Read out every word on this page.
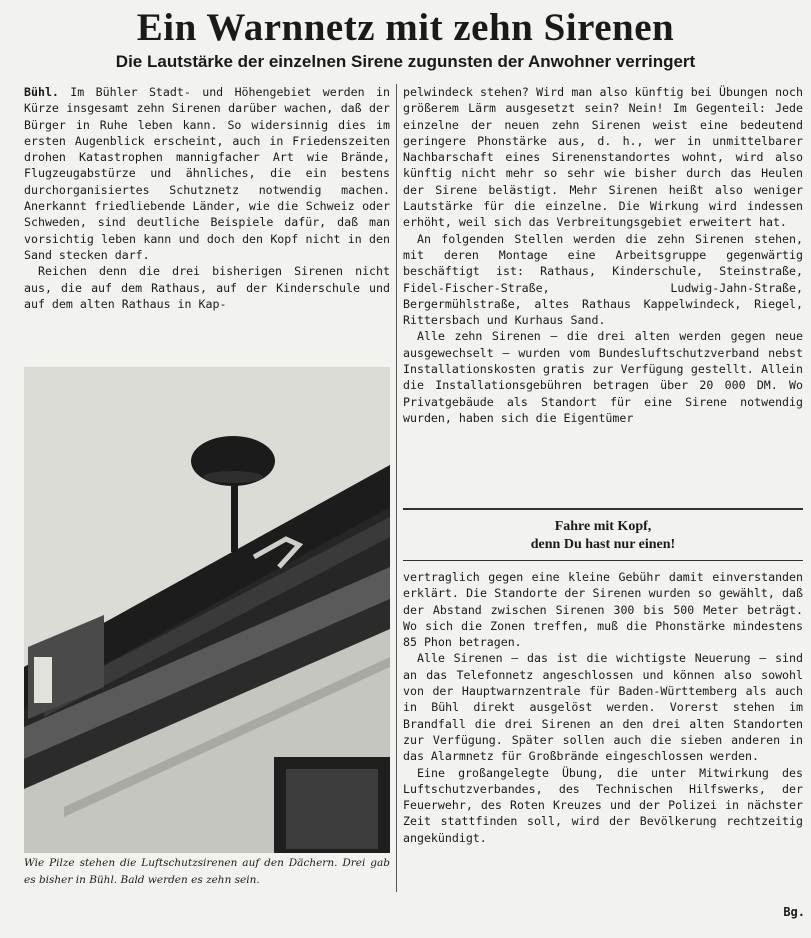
Ein Warnnetz mit zehn Sirenen
Die Lautstärke der einzelnen Sirene zugunsten der Anwohner verringert

Bühl. Im Bühler Stadt- und Höhengebiet werden in Kürze insgesamt zehn Sirenen darüber wachen, daß der Bürger in Ruhe leben kann. So widersinnig dies im ersten Augenblick erscheint, auch in Friedenszeiten drohen Katastrophen mannigfacher Art wie Brände, Flugzeugabstürze und ähnliches, die ein bestens durchorganisiertes Schutznetz notwendig machen. Anerkannt friedliebende Länder, wie die Schweiz oder Schweden, sind deutliche Beispiele dafür, daß man vorsichtig leben kann und doch den Kopf nicht in den Sand stecken darf.

Reichen denn die drei bisherigen Sirenen nicht aus, die auf dem Rathaus, auf der Kinderschule und auf dem alten Rathaus in Kap-

pelwindeck stehen? Wird man also künftig bei Übungen noch größerem Lärm ausgesetzt sein? Nein! Im Gegenteil: Jede einzelne der neuen zehn Sirenen weist eine bedeutend geringere Phonstärke aus, d. h., wer in unmittelbarer Nachbarschaft eines Sirenenstandortes wohnt, wird also künftig nicht mehr so sehr wie bisher durch das Heulen der Sirene belästigt. Mehr Sirenen heißt also weniger Lautstärke für die einzelne. Die Wirkung wird indessen erhöht, weil sich das Verbreitungsgebiet erweitert hat.

An folgenden Stellen werden die zehn Sirenen stehen, mit deren Montage eine Arbeitsgruppe gegenwärtig beschäftigt ist: Rathaus, Kinderschule, Steinstraße, Fidel-Fischer-Straße, Ludwig-Jahn-Straße, Bergermühlstraße, altes Rathaus Kappelwindeck, Riegel, Rittersbach und Kurhaus Sand.

Alle zehn Sirenen — die drei alten werden gegen neue ausgewechselt — wurden vom Bundesluftschutzverband nebst Installationskosten gratis zur Verfügung gestellt. Allein die Installationsgebühren betragen über 20 000 DM. Wo Privatgebäude als Standort für eine Sirene notwendig wurden, haben sich die Eigentümer

Fahre mit Kopf,
denn Du hast nur einen!

vertraglich gegen eine kleine Gebühr damit einverstanden erklärt. Die Standorte der Sirenen wurden so gewählt, daß der Abstand zwischen Sirenen 300 bis 500 Meter beträgt. Wo sich die Zonen treffen, muß die Phonstärke mindestens 85 Phon betragen.

Alle Sirenen — das ist die wichtigste Neuerung — sind an das Telefonnetz angeschlossen und können also sowohl von der Hauptwarnzentrale für Baden-Württemberg als auch in Bühl direkt ausgelöst werden. Vorerst stehen im Brandfall die drei Sirenen an den drei alten Standorten zur Verfügung. Später sollen auch die sieben anderen in das Alarmnetz für Großbrände eingeschlossen werden.

Eine großangelegte Übung, die unter Mitwirkung des Luftschutzverbandes, des Technischen Hilfswerks, der Feuerwehr, des Roten Kreuzes und der Polizei in nächster Zeit stattfinden soll, wird der Bevölkerung rechtzeitig angekündigt.

Wie Pilze stehen die Luftschutzsirenen auf den Dächern. Drei gab es bisher in Bühl. Bald werden es zehn sein.
Bg.
